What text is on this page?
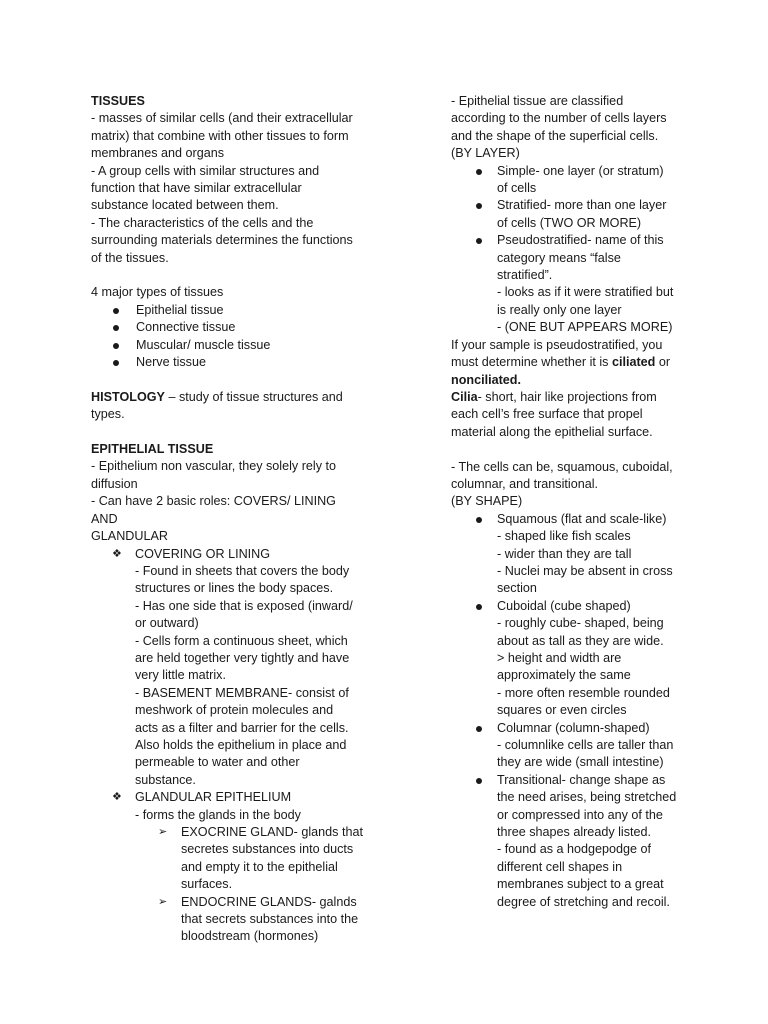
TISSUES

- masses of similar cells (and their extracellular

matrix) that combine with other tissues to form

membranes and organs

- A group cells with similar structures and

function that have similar extracellular

substance located between them.

- The characteristics of the cells and the

surrounding materials determines the functions

of the tissues.

4 major types of tissues

Epithelial tissue
Connective tissue
Muscular/ muscle tissue
Nerve tissue

HISTOLOGY – study of tissue structures and

types.

EPITHELIAL TISSUE

- Epithelium non vascular, they solely rely to

diffusion

- Can have 2 basic roles: COVERS/ LINING AND

GLANDULAR

❖ COVERING OR LINING

- Found in sheets that covers the body

structures or lines the body spaces.

- Has one side that is exposed (inward/

or outward)

- Cells form a continuous sheet, which

are held together very tightly and have

very little matrix.

- BASEMENT MEMBRANE- consist of

meshwork of protein molecules and

acts as a filter and barrier for the cells.

Also holds the epithelium in place and

permeable to water and other

substance.

❖ GLANDULAR EPITHELIUM

- forms the glands in the body

➢ EXOCRINE GLAND- glands that

secretes substances into ducts

and empty it to the epithelial

surfaces.

➢ ENDOCRINE GLANDS- galnds

that secrets substances into the

bloodstream (hormones)

- Epithelial tissue are classified

according to the number of cells layers

and the shape of the superficial cells.

(BY LAYER)

Simple- one layer (or stratum)

of cells

Stratified- more than one layer

of cells (TWO OR MORE)

Pseudostratified- name of this

category means “false

stratified”.

- looks as if it were stratified but

is really only one layer

- (ONE BUT APPEARS MORE)

If your sample is pseudostratified, you

must determine whether it is ciliated or

nonciliated.

Cilia- short, hair like projections from

each cell’s free surface that propel

material along the epithelial surface.

- The cells can be, squamous, cuboidal,

columnar, and transitional.

(BY SHAPE)

Squamous (flat and scale-like)

- shaped like fish scales

- wider than they are tall

- Nuclei may be absent in cross

section

Cuboidal (cube shaped)

- roughly cube- shaped, being

about as tall as they are wide.

> height and width are

approximately the same

- more often resemble rounded

squares or even circles

Columnar (column-shaped)

- columnlike cells are taller than

they are wide (small intestine)

Transitional- change shape as

the need arises, being stretched

or compressed into any of the

three shapes already listed.

- found as a hodgepodge of

different cell shapes in

membranes subject to a great

degree of stretching and recoil.
